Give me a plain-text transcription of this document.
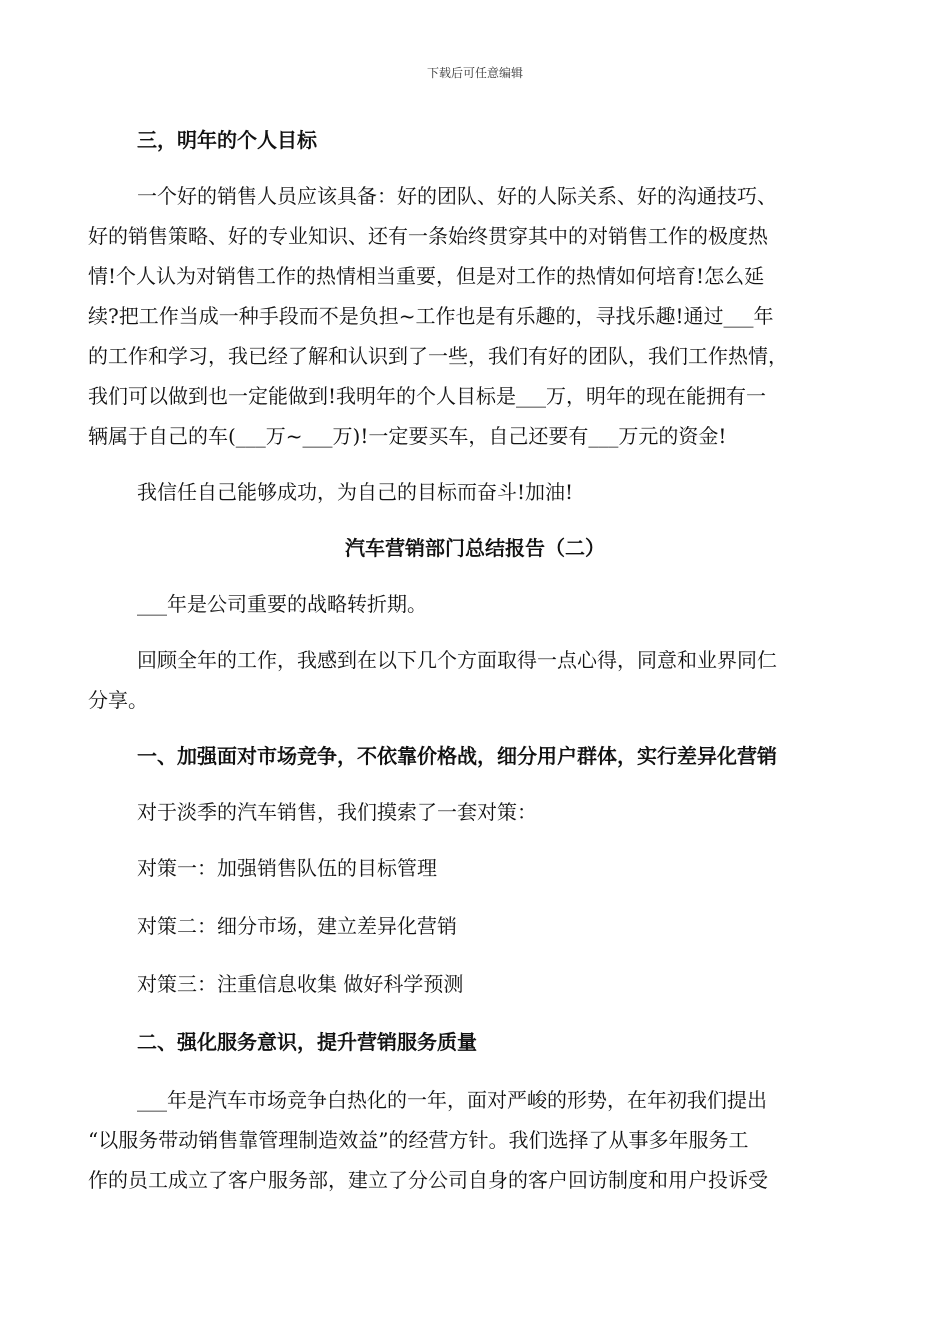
下载后可任意编辑
三，明年的个人目标
一个好的销售人员应该具备：好的团队、好的人际关系、好的沟通技巧、
好的销售策略、好的专业知识、还有一条始终贯穿其中的对销售工作的极度热
情!个人认为对销售工作的热情相当重要，但是对工作的热情如何培育!怎么延
续?把工作当成一种手段而不是负担~工作也是有乐趣的，寻找乐趣!通过___年
的工作和学习，我已经了解和认识到了一些，我们有好的团队，我们工作热情，
我们可以做到也一定能做到!我明年的个人目标是___万，明年的现在能拥有一
辆属于自己的车(___万~___万)!一定要买车，自己还要有___万元的资金!
我信任自己能够成功，为自己的目标而奋斗!加油!
汽车营销部门总结报告（二）
___年是公司重要的战略转折期。
回顾全年的工作，我感到在以下几个方面取得一点心得，同意和业界同仁
分享。
一、加强面对市场竞争，不依靠价格战，细分用户群体，实行差异化营销
对于淡季的汽车销售，我们摸索了一套对策：
对策一：加强销售队伍的目标管理
对策二：细分市场，建立差异化营销
对策三：注重信息收集 做好科学预测
二、强化服务意识，提升营销服务质量
___年是汽车市场竞争白热化的一年，面对严峻的形势，在年初我们提出
“以服务带动销售靠管理制造效益”的经营方针。我们选择了从事多年服务工
作的员工成立了客户服务部，建立了分公司自身的客户回访制度和用户投诉受
